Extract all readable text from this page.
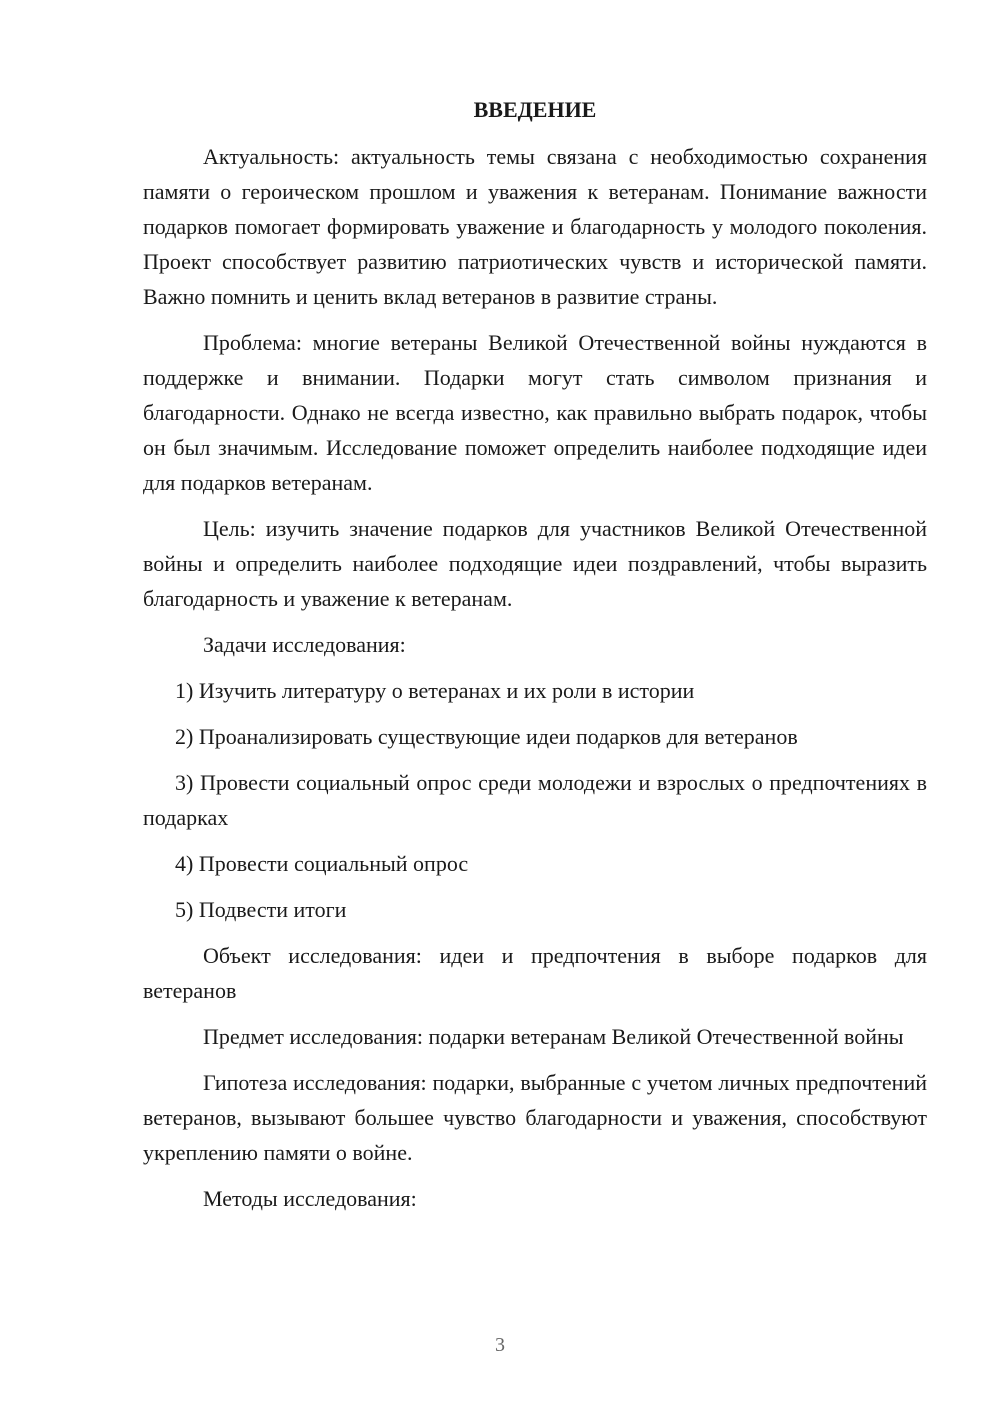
ВВЕДЕНИЕ

Актуальность: актуальность темы связана с необходимостью сохранения памяти о героическом прошлом и уважения к ветеранам. Понимание важности подарков помогает формировать уважение и благодарность у молодого поколения. Проект способствует развитию патриотических чувств и исторической памяти. Важно помнить и ценить вклад ветеранов в развитие страны.

Проблема: многие ветераны Великой Отечественной войны нуждаются в поддержке и внимании. Подарки могут стать символом признания и благодарности. Однако не всегда известно, как правильно выбрать подарок, чтобы он был значимым. Исследование поможет определить наиболее подходящие идеи для подарков ветеранам.

Цель: изучить значение подарков для участников Великой Отечественной войны и определить наиболее подходящие идеи поздравлений, чтобы выразить благодарность и уважение к ветеранам.

Задачи исследования:

1) Изучить литературу о ветеранах и их роли в истории

2) Проанализировать существующие идеи подарков для ветеранов

3) Провести социальный опрос среди молодежи и взрослых о предпочтениях в подарках

4) Провести социальный опрос

5) Подвести итоги

Объект исследования: идеи и предпочтения в выборе подарков для ветеранов

Предмет исследования: подарки ветеранам Великой Отечественной войны

Гипотеза исследования: подарки, выбранные с учетом личных предпочтений ветеранов, вызывают большее чувство благодарности и уважения, способствуют укреплению памяти о войне.

Методы исследования:

3
